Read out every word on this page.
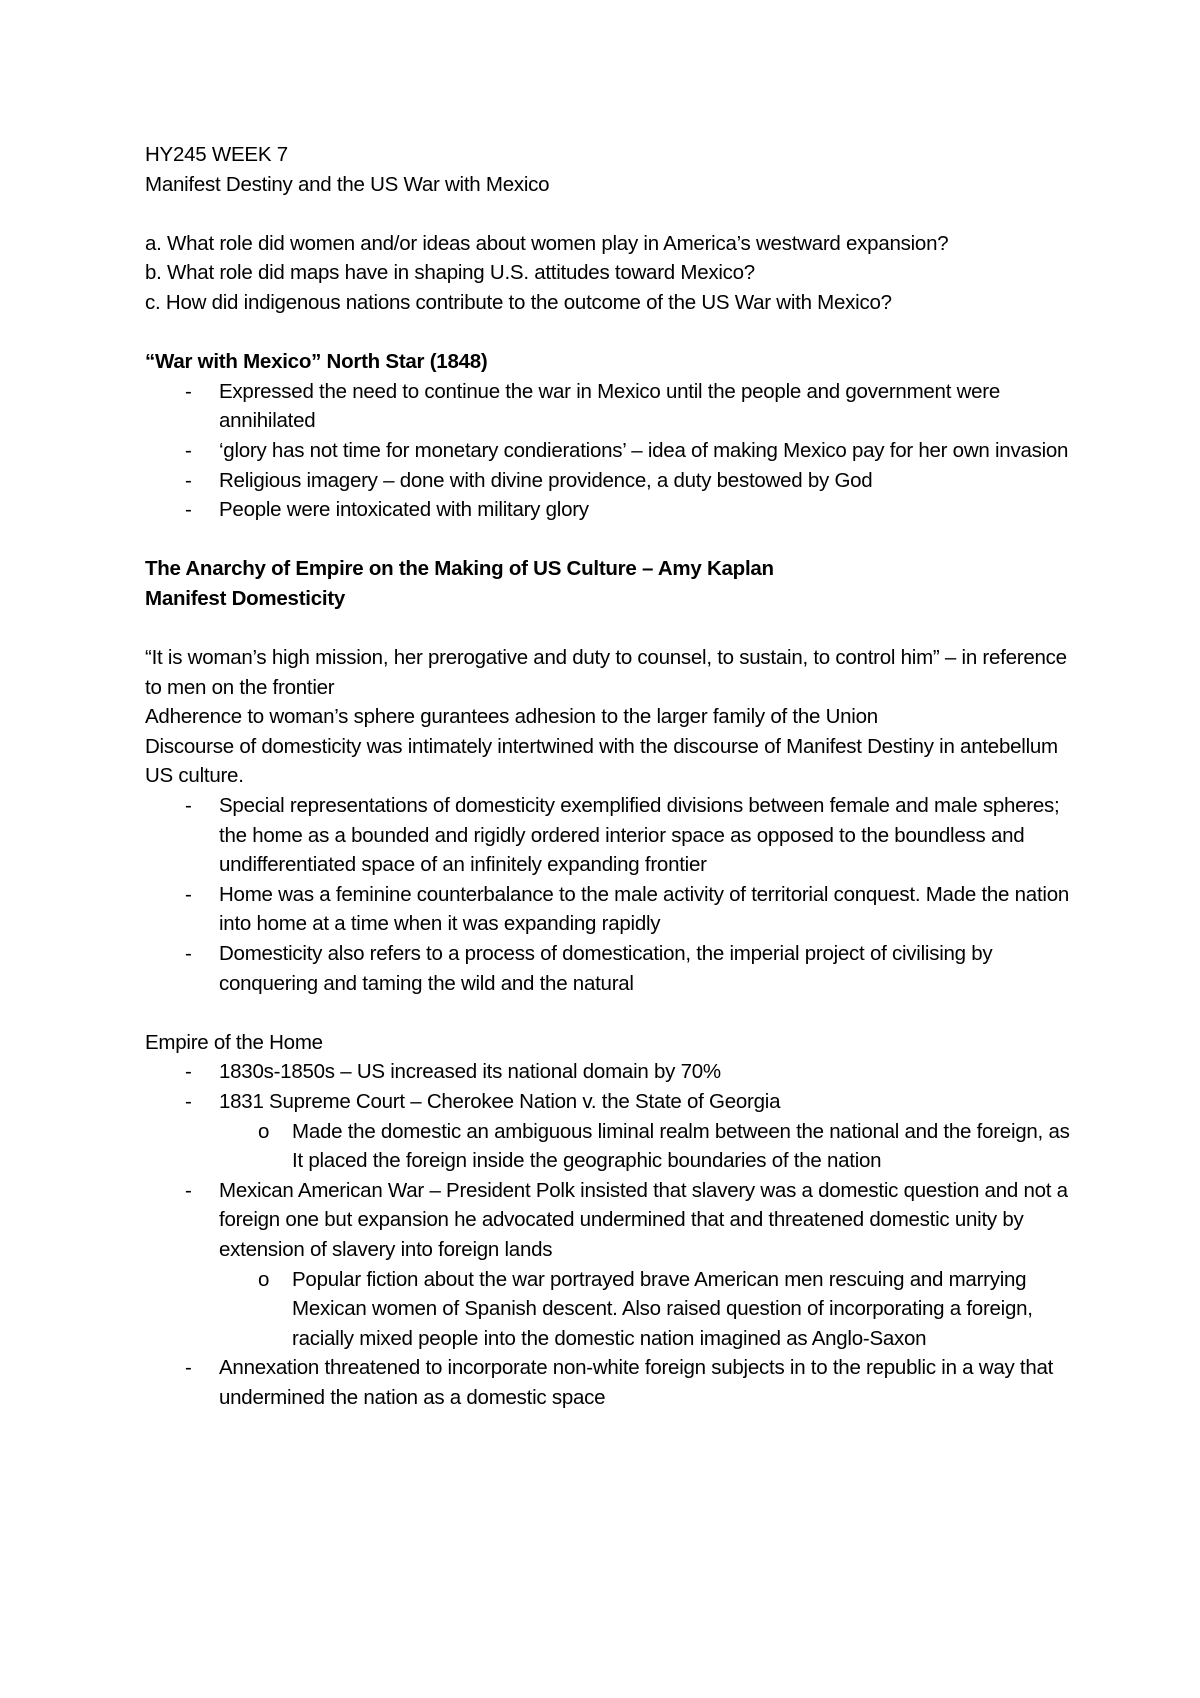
HY245 WEEK 7

Manifest Destiny and the US War with Mexico

a. What role did women and/or ideas about women play in America’s westward expansion?

b. What role did maps have in shaping U.S. attitudes toward Mexico?

c. How did indigenous nations contribute to the outcome of the US War with Mexico?

“War with Mexico” North Star (1848)

- Expressed the need to continue the war in Mexico until the people and government were annihilated
- ‘glory has not time for monetary condierations’ – idea of making Mexico pay for her own invasion
- Religious imagery – done with divine providence, a duty bestowed by God
- People were intoxicated with military glory

The Anarchy of Empire on the Making of US Culture – Amy Kaplan

Manifest Domesticity

“It is woman’s high mission, her prerogative and duty to counsel, to sustain, to control him” – in reference to men on the frontier

Adherence to woman’s sphere gurantees adhesion to the larger family of the Union

Discourse of domesticity was intimately intertwined with the discourse of Manifest Destiny in antebellum US culture.

- Special representations of domesticity exemplified divisions between female and male spheres; the home as a bounded and rigidly ordered interior space as opposed to the boundless and undifferentiated space of an infinitely expanding frontier
- Home was a feminine counterbalance to the male activity of territorial conquest. Made the nation into home at a time when it was expanding rapidly
- Domesticity also refers to a process of domestication, the imperial project of civilising by conquering and taming the wild and the natural

Empire of the Home

- 1830s-1850s – US increased its national domain by 70%
- 1831 Supreme Court – Cherokee Nation v. the State of Georgia
o Made the domestic an ambiguous liminal realm between the national and the foreign, as It placed the foreign inside the geographic boundaries of the nation
- Mexican American War – President Polk insisted that slavery was a domestic question and not a foreign one but expansion he advocated undermined that and threatened domestic unity by extension of slavery into foreign lands
o Popular fiction about the war portrayed brave American men rescuing and marrying Mexican women of Spanish descent. Also raised question of incorporating a foreign, racially mixed people into the domestic nation imagined as Anglo-Saxon
- Annexation threatened to incorporate non-white foreign subjects in to the republic in a way that undermined the nation as a domestic space
